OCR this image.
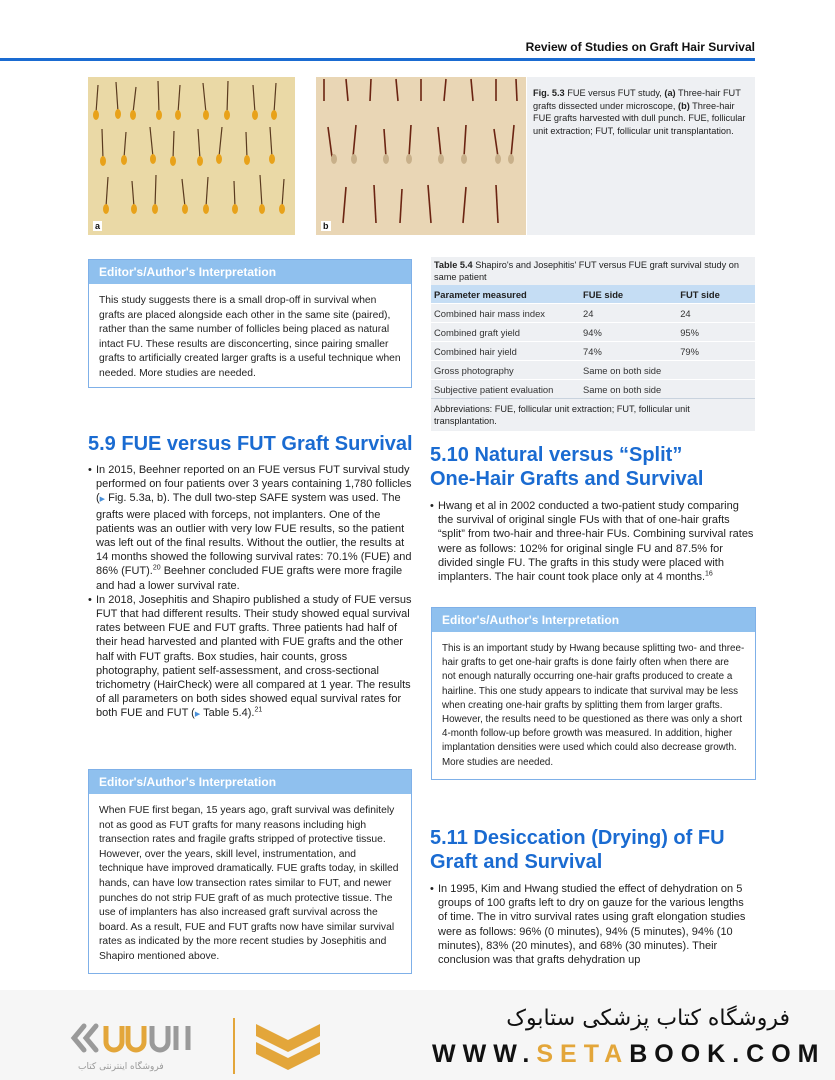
Review of Studies on Graft Hair Survival
a	b

Fig. 5.3 FUE versus FUT study, (a) Three-hair FUT grafts dissected under microscope, (b) Three-hair FUE grafts harvested with dull punch. FUE, follicular unit extraction; FUT, follicular unit transplantation.

Editor's/Author's Interpretation
This study suggests there is a small drop-off in survival when grafts are placed alongside each other in the same site (paired), rather than the same number of follicles being placed as natural intact FU. These results are disconcerting, since pairing smaller grafts to artificially created larger grafts is a useful technique when needed. More studies are needed.
Table 5.4 Shapiro's and Josephitis' FUT versus FUE graft survival study on same patient
Parameter measured	FUE side	FUT side
Combined hair mass index	24	24
Combined graft yield	94%	95%
Combined hair yield	74%	79%
Gross photography	Same on both side	
Subjective patient evaluation	Same on both side	
Abbreviations: FUE, follicular unit extraction; FUT, follicular unit transplantation.
5.9 FUE versus FUT Graft Survival
• In 2015, Beehner reported on an FUE versus FUT survival study performed on four patients over 3 years containing 1,780 follicles (▶ Fig. 5.3a, b). The dull two-step SAFE system was used. The grafts were placed with forceps, not implanters. One of the patients was an outlier with very low FUE results, so the patient was left out of the final results. Without the outlier, the results at 14 months showed the following survival rates: 70.1% (FUE) and 86% (FUT).$^{20}$ Beehner concluded FUE grafts were more fragile and had a lower survival rate.
• In 2018, Josephitis and Shapiro published a study of FUE versus FUT that had different results. Their study showed equal survival rates between FUE and FUT grafts. Three patients had half of their head harvested and planted with FUE grafts and the other half with FUT grafts. Box studies, hair counts, gross photography, patient self-assessment, and cross-sectional trichometry (HairCheck) were all compared at 1 year. The results of all parameters on both sides showed equal survival rates for both FUE and FUT (▶ Table 5.4).$^{21}$
Editor's/Author's Interpretation
When FUE first began, 15 years ago, graft survival was definitely not as good as FUT grafts for many reasons including high transection rates and fragile grafts stripped of protective tissue. However, over the years, skill level, instrumentation, and technique have improved dramatically. FUE grafts today, in skilled hands, can have low transection rates similar to FUT, and newer punches do not strip FUE graft of as much protective tissue. The use of implanters has also increased graft survival across the board. As a result, FUE and FUT grafts now have similar survival rates as indicated by the more recent studies by Josephitis and Shapiro mentioned above.
5.10 Natural versus “Split”
One-Hair Grafts and Survival
• Hwang et al in 2002 conducted a two-patient study comparing the survival of original single FUs with that of one-hair grafts “split” from two-hair and three-hair FUs. Combining survival rates were as follows: 102% for original single FU and 87.5% for divided single FU. The grafts in this study were placed with implanters. The hair count took place only at 4 months.$^{16}$
Editor's/Author's Interpretation
This is an important study by Hwang because splitting two- and three-hair grafts to get one-hair grafts is done fairly often when there are not enough naturally occurring one-hair grafts produced to create a hairline. This one study appears to indicate that survival may be less when creating one-hair grafts by splitting them from larger grafts. However, the results need to be questioned as there was only a short 4-month follow-up before growth was measured. In addition, higher implantation densities were used which could also decrease growth. More studies are needed.
5.11 Desiccation (Drying) of FU
Graft and Survival
• In 1995, Kim and Hwang studied the effect of dehydration on 5 groups of 100 grafts left to dry on gauze for the various lengths of time. The in vitro survival rates using graft elongation studies were as follows: 96% (0 minutes), 94% (5 minutes), 94% (10 minutes), 83% (20 minutes), and 68% (30 minutes). Their conclusion was that grafts dehydration up
فروشگاه اینترنتی کتاب
فروشگاه کتاب پزشکی ستابوک
WWW.SETABOOK.COM
